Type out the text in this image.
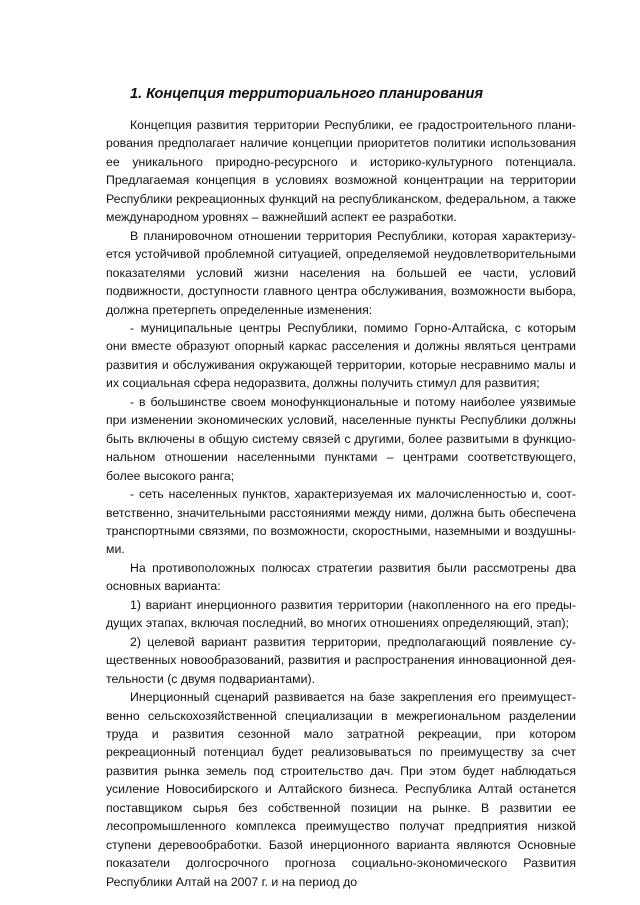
1. Концепция территориального планирования

Концепция развития территории Республики, ее градостроительного планирования предполагает наличие концепции приоритетов политики использования ее уникального природно-ресурсного и историко-культурного потенциала. Предлагаемая концепция в условиях возможной концентрации на территории Республики рекреационных функций на республиканском, федеральном, а также международном уровнях – важнейший аспект ее разработки.

В планировочном отношении территория Республики, которая характеризуется устойчивой проблемной ситуацией, определяемой неудовлетворительными показателями условий жизни населения на большей ее части, условий подвижности, доступности главного центра обслуживания, возможности выбора, должна претерпеть определенные изменения:

- муниципальные центры Республики, помимо Горно-Алтайска, с которым они вместе образуют опорный каркас расселения и должны являться центрами развития и обслуживания окружающей территории, которые несравнимо малы и их социальная сфера недоразвита, должны получить стимул для развития;

- в большинстве своем монофункциональные и потому наиболее уязвимые при изменении экономических условий, населенные пункты Республики должны быть включены в общую систему связей с другими, более развитыми в функциональном отношении населенными пунктами – центрами соответствующего, более высокого ранга;

- сеть населенных пунктов, характеризуемая их малочисленностью и, соответственно, значительными расстояниями между ними, должна быть обеспечена транспортными связями, по возможности, скоростными, наземными и воздушными.

На противоположных полюсах стратегии развития были рассмотрены два основных варианта:

1) вариант инерционного развития территории (накопленного на его предыдущих этапах, включая последний, во многих отношениях определяющий, этап);

2) целевой вариант развития территории, предполагающий появление существенных новообразований, развития и распространения инновационной деятельности (с двумя подвариантами).

Инерционный сценарий развивается на базе закрепления его преимущественно сельскохозяйственной специализации в межрегиональном разделении труда и развития сезонной мало затратной рекреации, при котором рекреационный потенциал будет реализовываться по преимуществу за счет развития рынка земель под строительство дач. При этом будет наблюдаться усиление Новосибирского и Алтайского бизнеса. Республика Алтай останется поставщиком сырья без собственной позиции на рынке. В развитии ее лесопромышленного комплекса преимущество получат предприятия низкой ступени деревообработки. Базой инерционного варианта являются Основные показатели долгосрочного прогноза социально-экономического Развития Республики Алтай на 2007 г. и на период до
